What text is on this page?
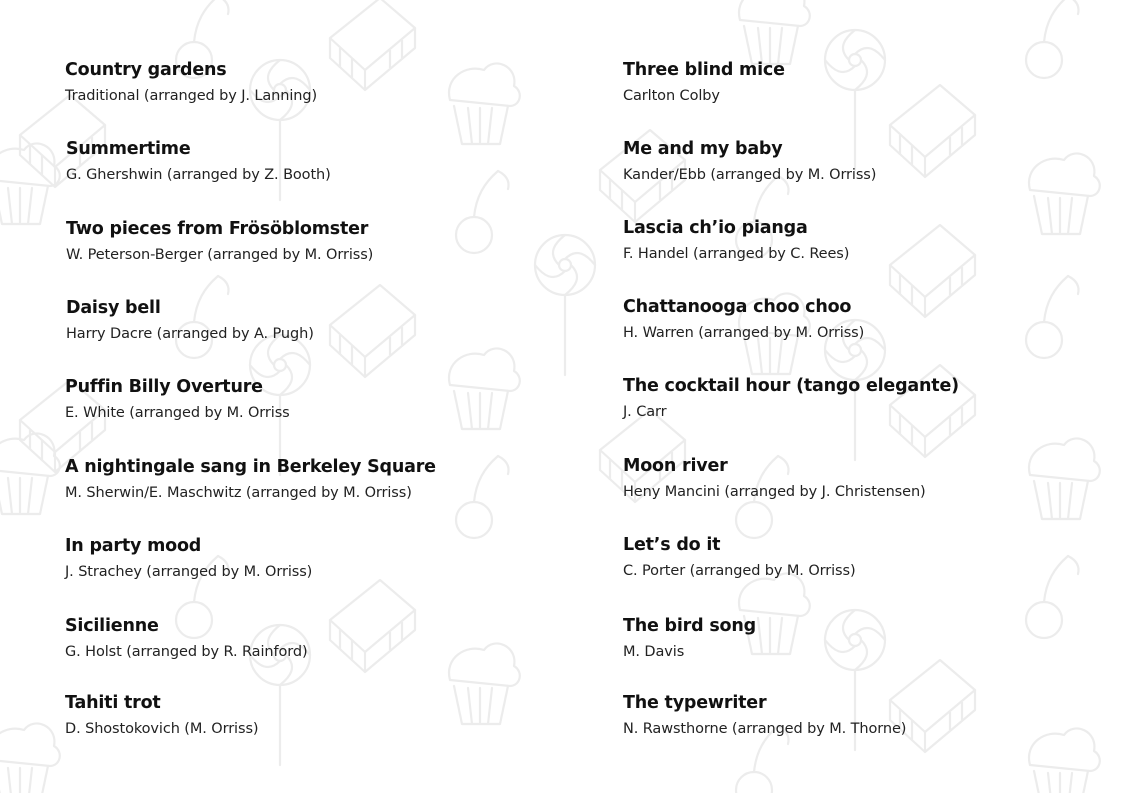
Country gardens
Traditional (arranged by J. Lanning)
Summertime
G. Ghershwin (arranged by Z. Booth)
Two pieces from Frösöblomster
W. Peterson-Berger (arranged by M. Orriss)
Daisy bell
Harry Dacre (arranged by A. Pugh)
Puffin Billy Overture
E. White (arranged by M. Orriss
A nightingale sang in Berkeley Square
M. Sherwin/E. Maschwitz (arranged by M. Orriss)
In party mood
J. Strachey (arranged by M. Orriss)
Sicilienne
G. Holst (arranged by R. Rainford)
Tahiti trot
D. Shostokovich (M. Orriss)
Three blind mice
Carlton Colby
Me and my baby
Kander/Ebb (arranged by M. Orriss)
Lascia ch’io pianga
F. Handel (arranged by C. Rees)
Chattanooga choo choo
H. Warren (arranged by M. Orriss)
The cocktail hour (tango elegante)
J. Carr
Moon river
Heny Mancini (arranged by J. Christensen)
Let’s do it
C. Porter (arranged by M. Orriss)
The bird song
M. Davis
The typewriter
N. Rawsthorne (arranged by M. Thorne)
